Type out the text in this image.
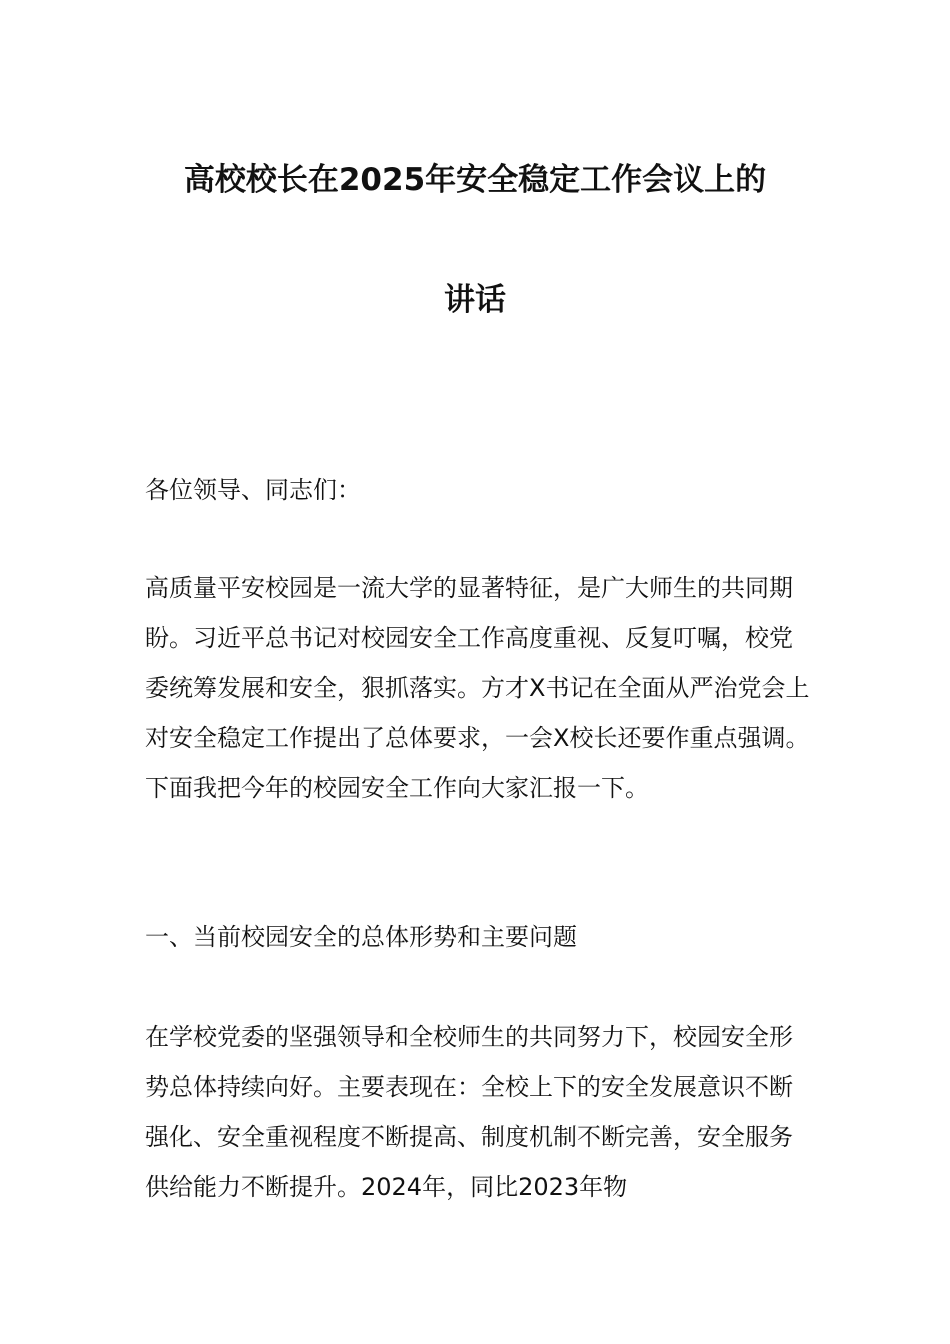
高校校长在2025年安全稳定工作会议上的
讲话
各位领导、同志们：
高质量平安校园是一流大学的显著特征，是广大师生的共同期盼。习近平总书记对校园安全工作高度重视、反复叮嘱，校党委统筹发展和安全，狠抓落实。方才X书记在全面从严治党会上对安全稳定工作提出了总体要求，一会X校长还要作重点强调。下面我把今年的校园安全工作向大家汇报一下。
一、当前校园安全的总体形势和主要问题
在学校党委的坚强领导和全校师生的共同努力下，校园安全形势总体持续向好。主要表现在：全校上下的安全发展意识不断强化、安全重视程度不断提高、制度机制不断完善，安全服务供给能力不断提升。2024年，同比2023年物
